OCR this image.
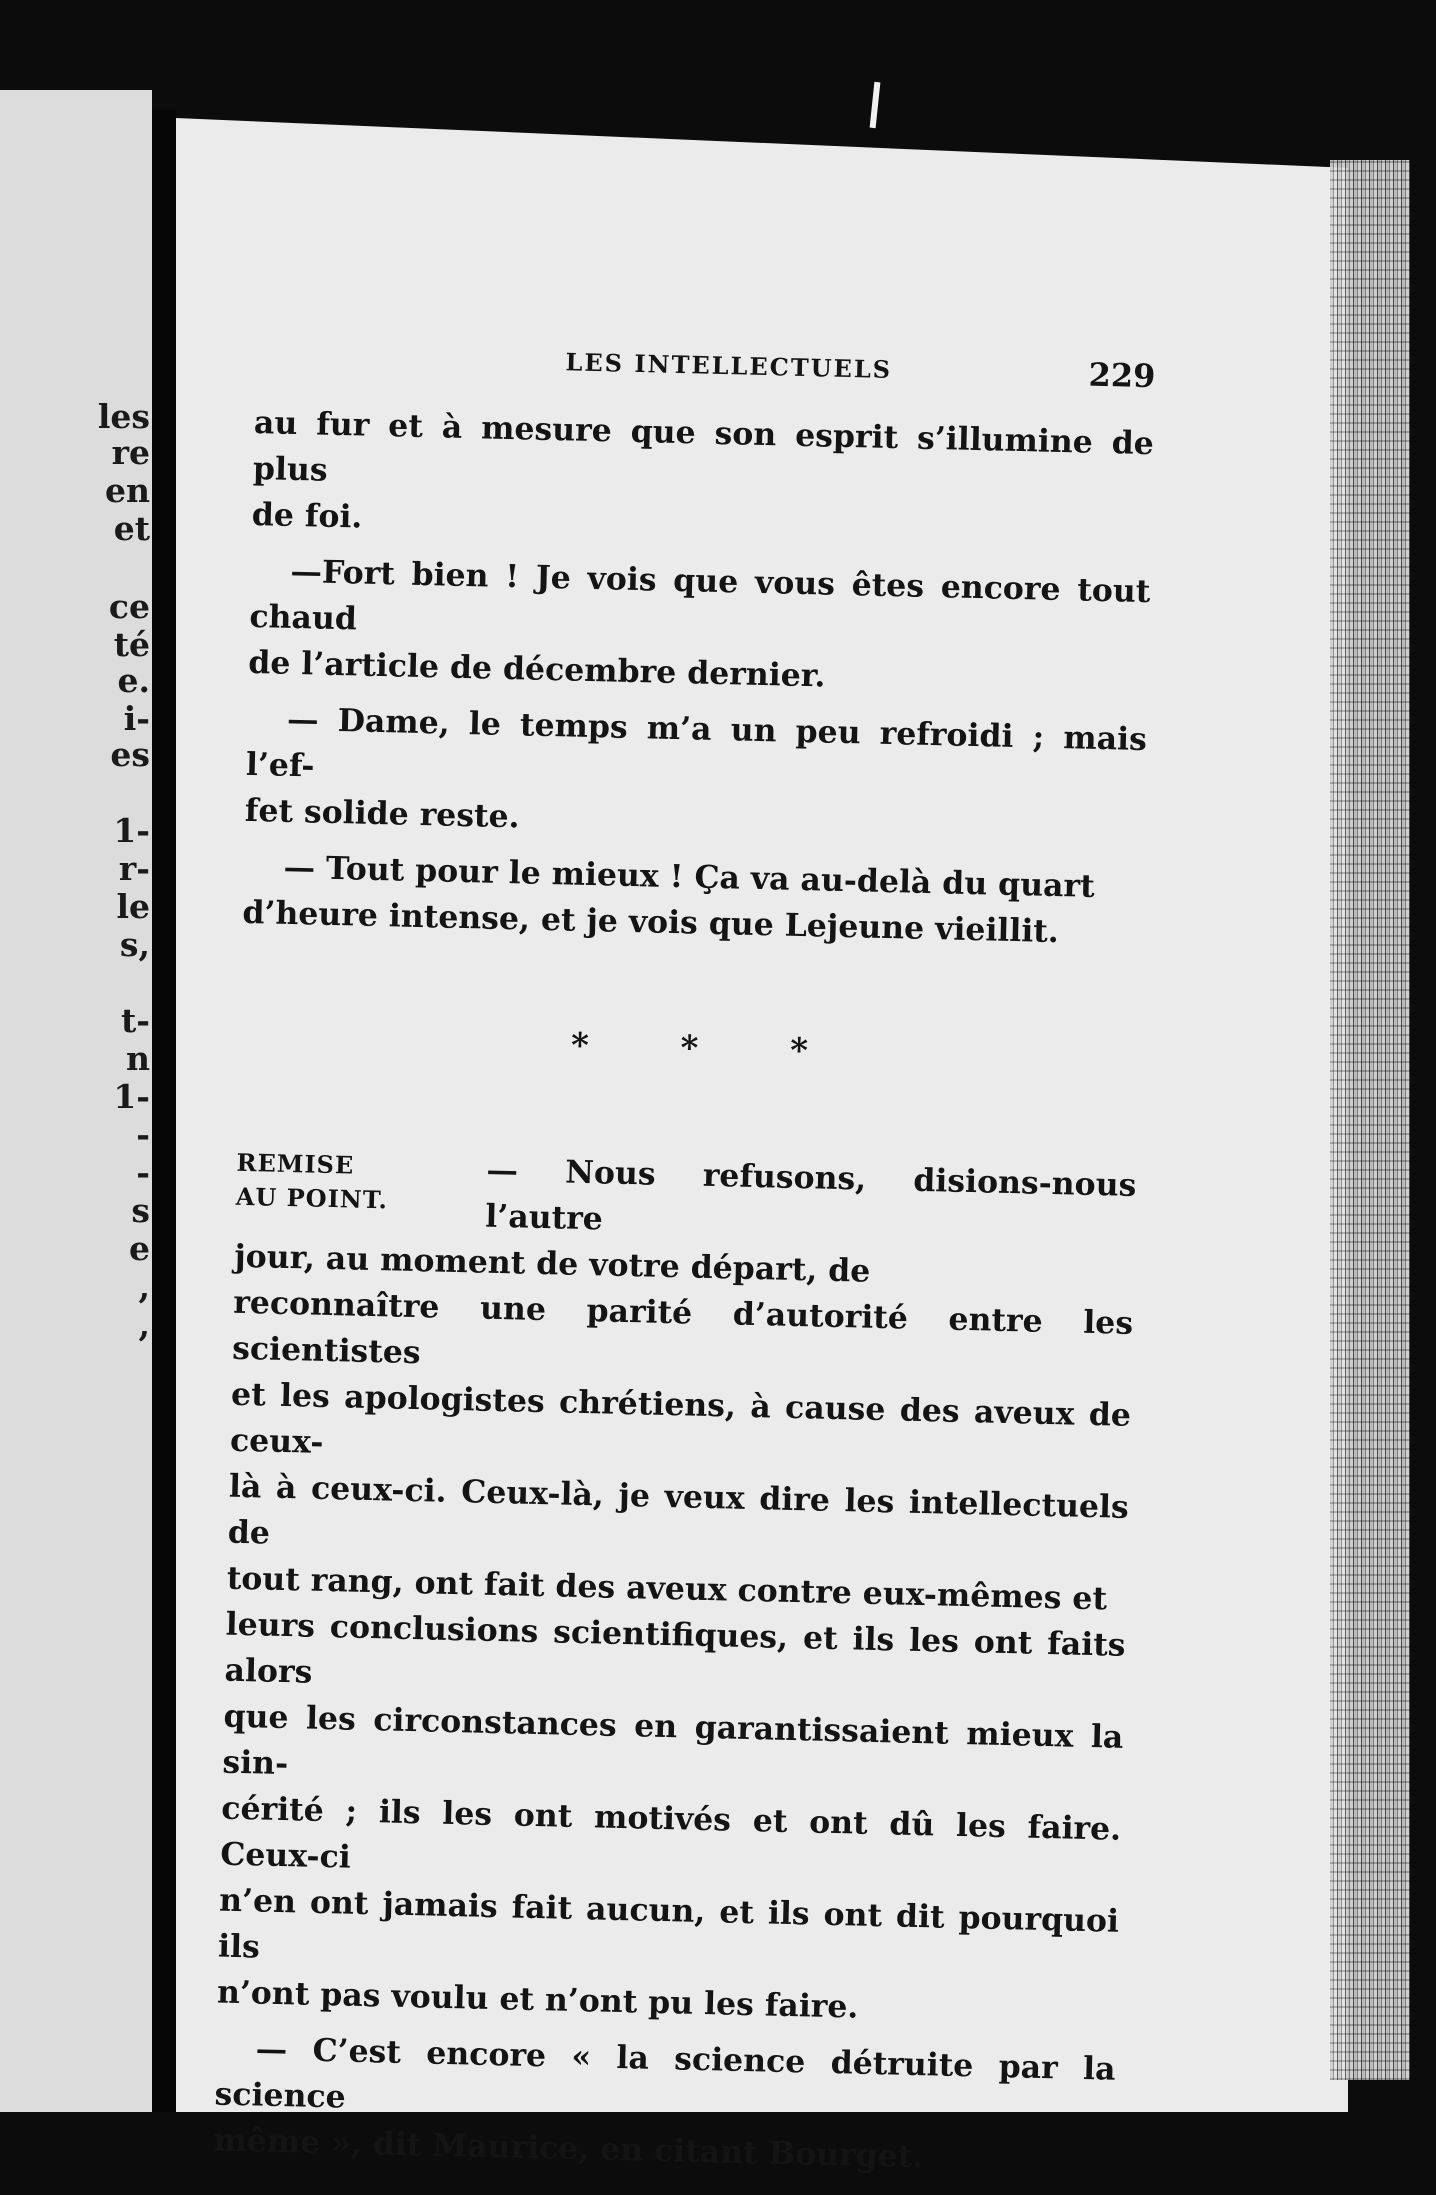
les
re
en
et
ce
té
e.
i-
es
1-
r-
le
s,
t-
n
1-
-
-
s
e
,
,
LES INTELLECTUELS	229

au fur et à mesure que son esprit s’illumine de plus
de foi.

—Fort bien ! Je vois que vous êtes encore tout chaud
de l’article de décembre dernier.

— Dame, le temps m’a un peu refroidi ; mais l’ef-
fet solide reste.

— Tout pour le mieux ! Ça va au-delà du quart
d’heure intense, et je vois que Lejeune vieillit.

* * *
REMISE
AU POINT.	— Nous refusons, disions-nous l’autre
jour, au moment de votre départ, de
reconnaître une parité d’autorité entre les scientistes
et les apologistes chrétiens, à cause des aveux de ceux-
là à ceux-ci. Ceux-là, je veux dire les intellectuels de
tout rang, ont fait des aveux contre eux-mêmes et
leurs conclusions scientifiques, et ils les ont faits alors
que les circonstances en garantissaient mieux la sin-
cérité ; ils les ont motivés et ont dû les faire. Ceux-ci
n’en ont jamais fait aucun, et ils ont dit pourquoi ils
n’ont pas voulu et n’ont pu les faire.

— C’est encore « la science détruite par la science
même », dit Maurice, en citant Bourget.
